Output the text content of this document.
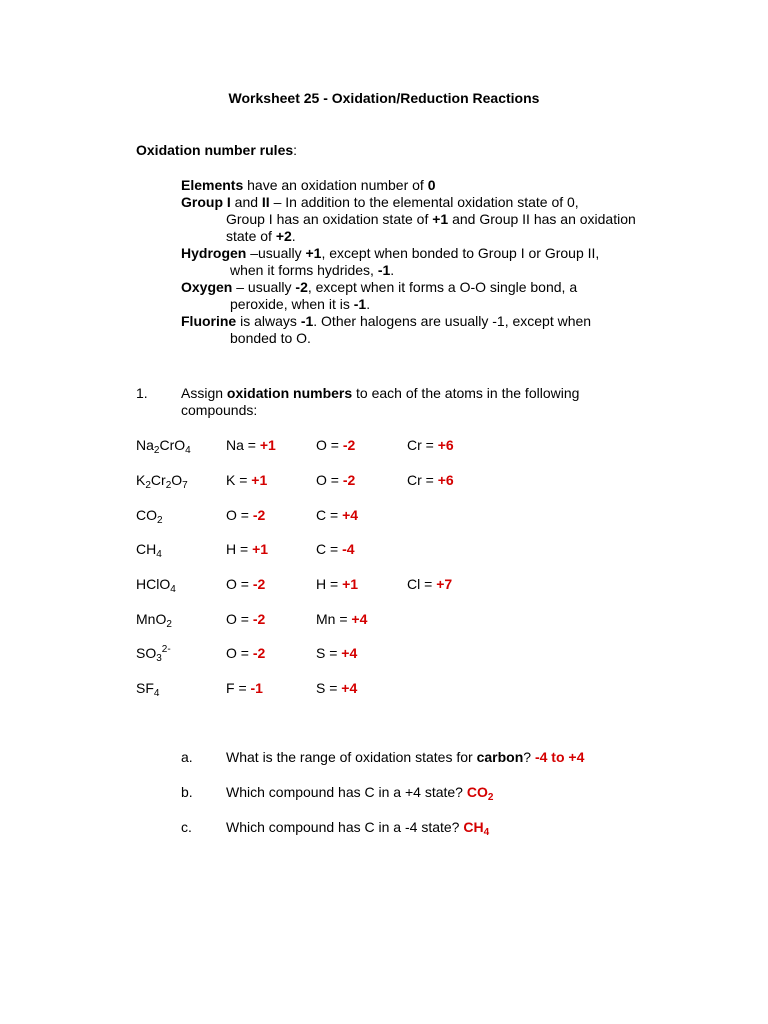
Worksheet 25 - Oxidation/Reduction Reactions
Oxidation number rules:

Elements have an oxidation number of 0

Group I and II – In addition to the elemental oxidation state of 0,

Group I has an oxidation state of +1 and Group II has an oxidation

state of +2.

Hydrogen –usually +1, except when bonded to Group I or Group II,

when it forms hydrides, -1.

Oxygen – usually -2, except when it forms a O-O single bond, a

peroxide, when it is -1.

Fluorine is always -1. Other halogens are usually -1, except when

bonded to O.

1. Assign oxidation numbers to each of the atoms in the following compounds:
$Na_2CrO_4$	Na = +1	O = -2	Cr = +6
$K_2Cr_2O_7$	K = +1	O = -2	Cr = +6
$CO_2$	O = -2	C = +4
$CH_4$	H = +1	C = -4
HClO$_4$	O = -2	H = +1	Cl = +7
MnO$_2$	O = -2	Mn = +4
$SO_3^{2-}$	O = -2	S = +4
$SF_4$	F = -1	S = +4
a. What is the range of oxidation states for carbon? -4 to +4
b. Which compound has C in a +4 state? $CO_2$
c. Which compound has C in a -4 state? $CH_4$
